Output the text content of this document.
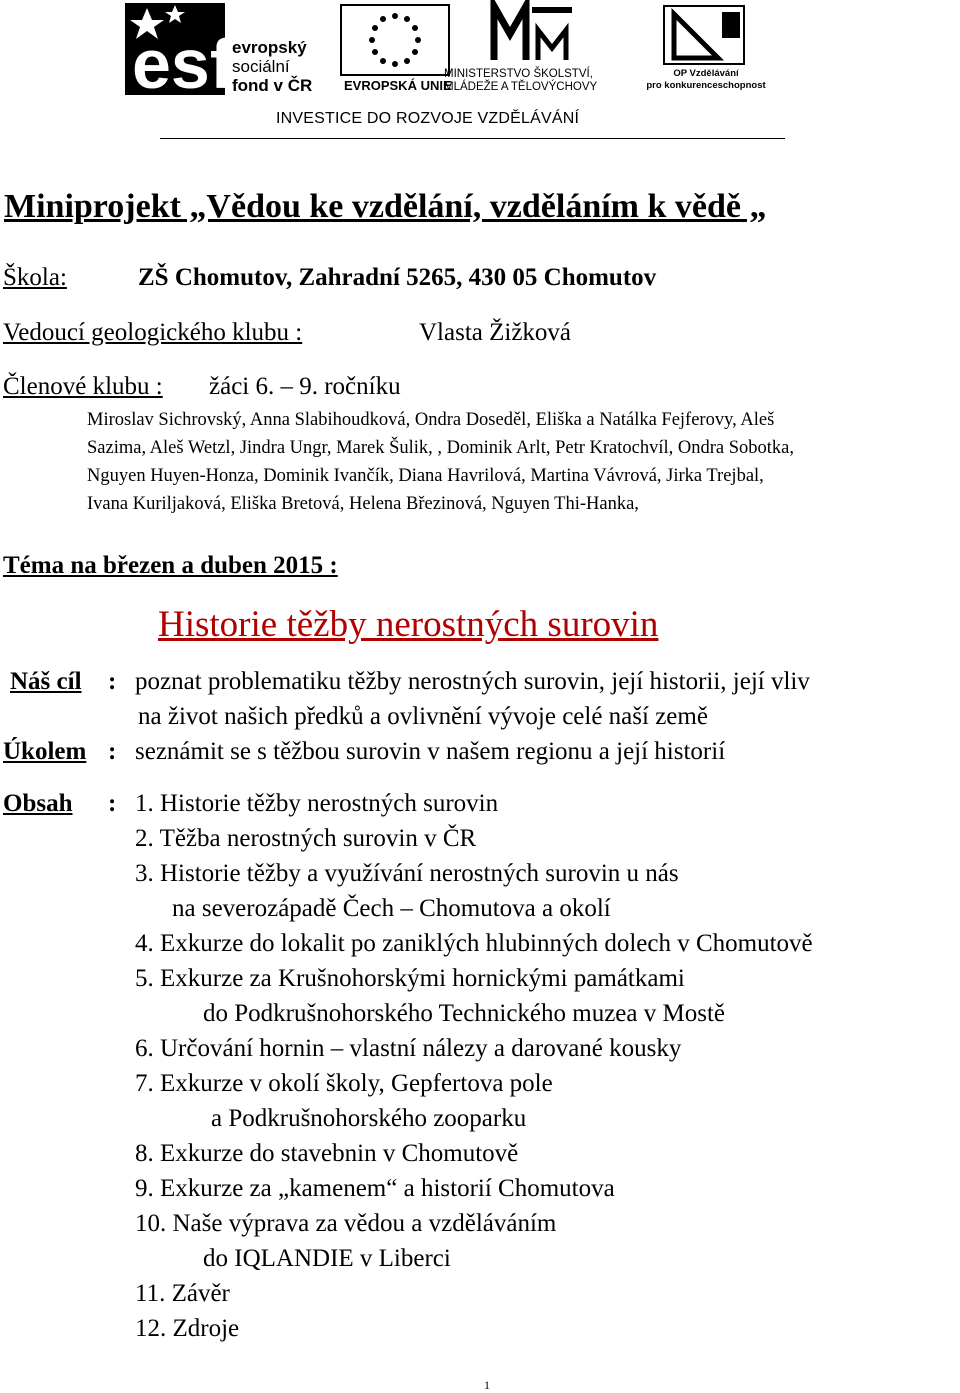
esf
evropský
sociální
fond v ČR EVROPSKÁ UNIE
MINISTERSTVO ŠKOLSTVÍ,
MLÁDEŽE A TĚLOVÝCHOVY
OP Vzdělávání
pro konkurenceschopnost
INVESTICE DO ROZVOJE VZDĚLÁVÁNÍ
Miniprojekt „Vědou ke vzdělání, vzděláním k vědě „
Škola:	ZŠ Chomutov, Zahradní 5265, 430 05 Chomutov
Vedoucí geologického klubu :	Vlasta Žižková
Členové klubu : žáci 6. – 9. ročníku
Miroslav Sichrovský, Anna Slabihoudková, Ondra Doseděl, Eliška a Natálka Fejferovy, Aleš
Sazima, Aleš Wetzl, Jindra Ungr, Marek Šulik, , Dominik Arlt, Petr Kratochvíl, Ondra Sobotka,
Nguyen Huyen-Honza, Dominik Ivančík, Diana Havrilová, Martina Vávrová, Jirka Trejbal,
Ivana Kuriljaková, Eliška Bretová, Helena Březinová, Nguyen Thi-Hanka,
Téma na březen a duben 2015 :
Historie těžby nerostných surovin
Náš cíl : poznat problematiku těžby nerostných surovin, její historii, její vliv
na život našich předků a ovlivnění vývoje celé naší země
Úkolem : seznámit se s těžbou surovin v našem regionu a její historií
Obsah	: 1. Historie těžby nerostných surovin
2. Těžba nerostných surovin v ČR
3. Historie těžby a využívání nerostných surovin u nás
na severozápadě Čech – Chomutova a okolí
4. Exkurze do lokalit po zaniklých hlubinných dolech v Chomutově
5. Exkurze za Krušnohorskými hornickými památkami
do Podkrušnohorského Technického muzea v Mostě
6. Určování hornin – vlastní nálezy a darované kousky
7. Exkurze v okolí školy, Gepfertova pole
a Podkrušnohorského zooparku
8. Exkurze do stavebnin v Chomutově
9. Exkurze za „kamenem“ a historií Chomutova
10. Naše výprava za vědou a vzděláváním
do IQLANDIE v Liberci
11. Závěr
12. Zdroje
1
